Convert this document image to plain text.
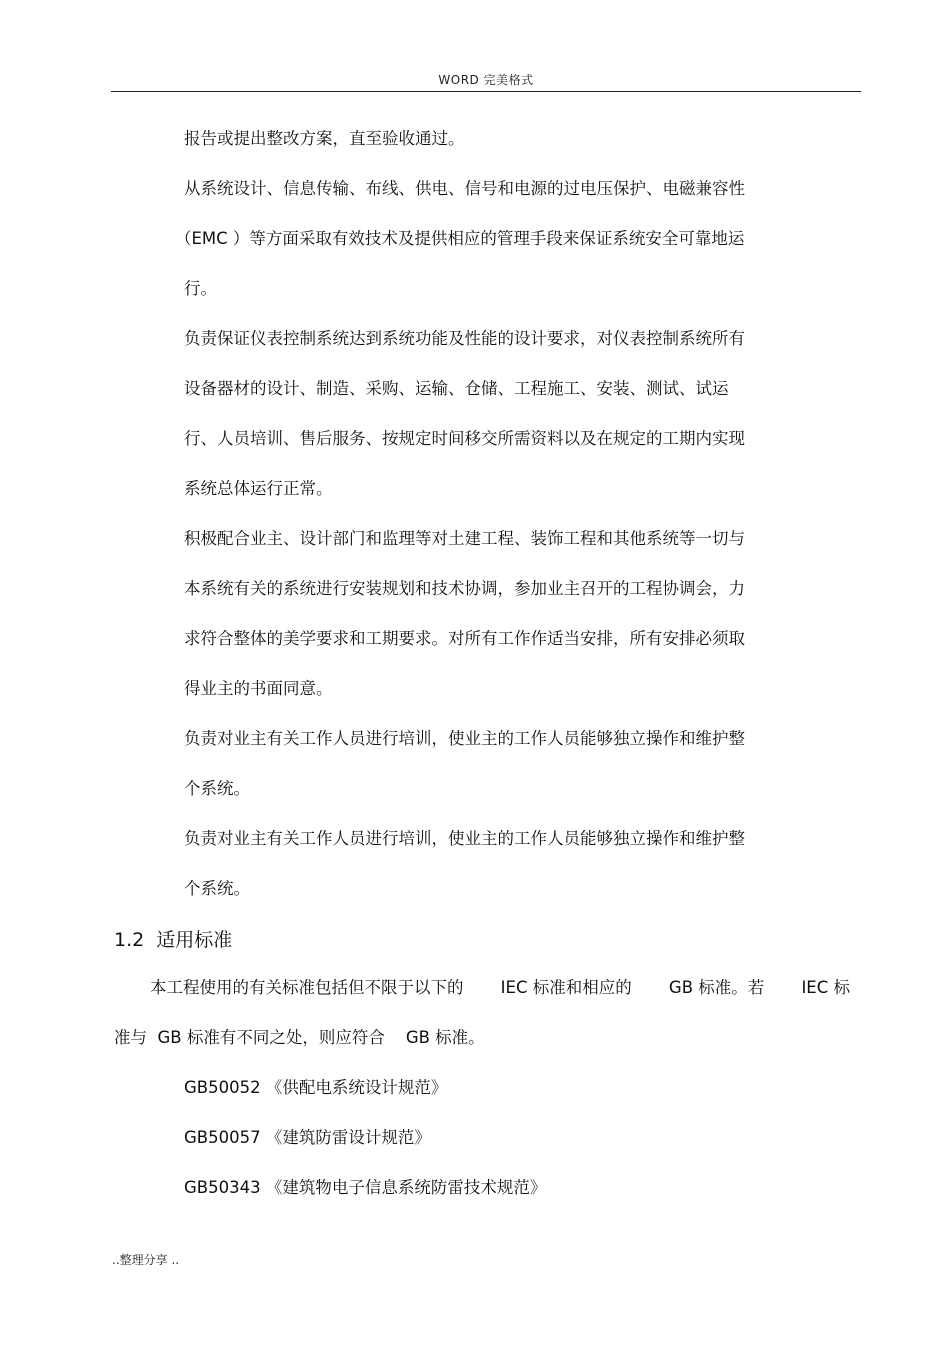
WORD 完美格式
报告或提出整改方案，直至验收通过。
从系统设计、信息传输、布线、供电、信号和电源的过电压保护、电磁兼容性
（EMC ）等方面采取有效技术及提供相应的管理手段来保证系统安全可靠地运
行。
负责保证仪表控制系统达到系统功能及性能的设计要求，对仪表控制系统所有
设备器材的设计、制造、采购、运输、仓储、工程施工、安装、测试、试运
行、人员培训、售后服务、按规定时间移交所需资料以及在规定的工期内实现
系统总体运行正常。
积极配合业主、设计部门和监理等对土建工程、装饰工程和其他系统等一切与
本系统有关的系统进行安装规划和技术协调，参加业主召开的工程协调会，力
求符合整体的美学要求和工期要求。对所有工作作适当安排，所有安排必须取
得业主的书面同意。
负责对业主有关工作人员进行培训，使业主的工作人员能够独立操作和维护整
个系统。
负责对业主有关工作人员进行培训，使业主的工作人员能够独立操作和维护整
个系统。
1.2 适用标准
本工程使用的有关标准包括但不限于以下的 IEC 标准和相应的 GB 标准。若 IEC 标
准与  GB 标准有不同之处，则应符合    GB 标准。
GB50052 《供配电系统设计规范》
GB50057 《建筑防雷设计规范》
GB50343 《建筑物电子信息系统防雷技术规范》
..整理分享 ..
